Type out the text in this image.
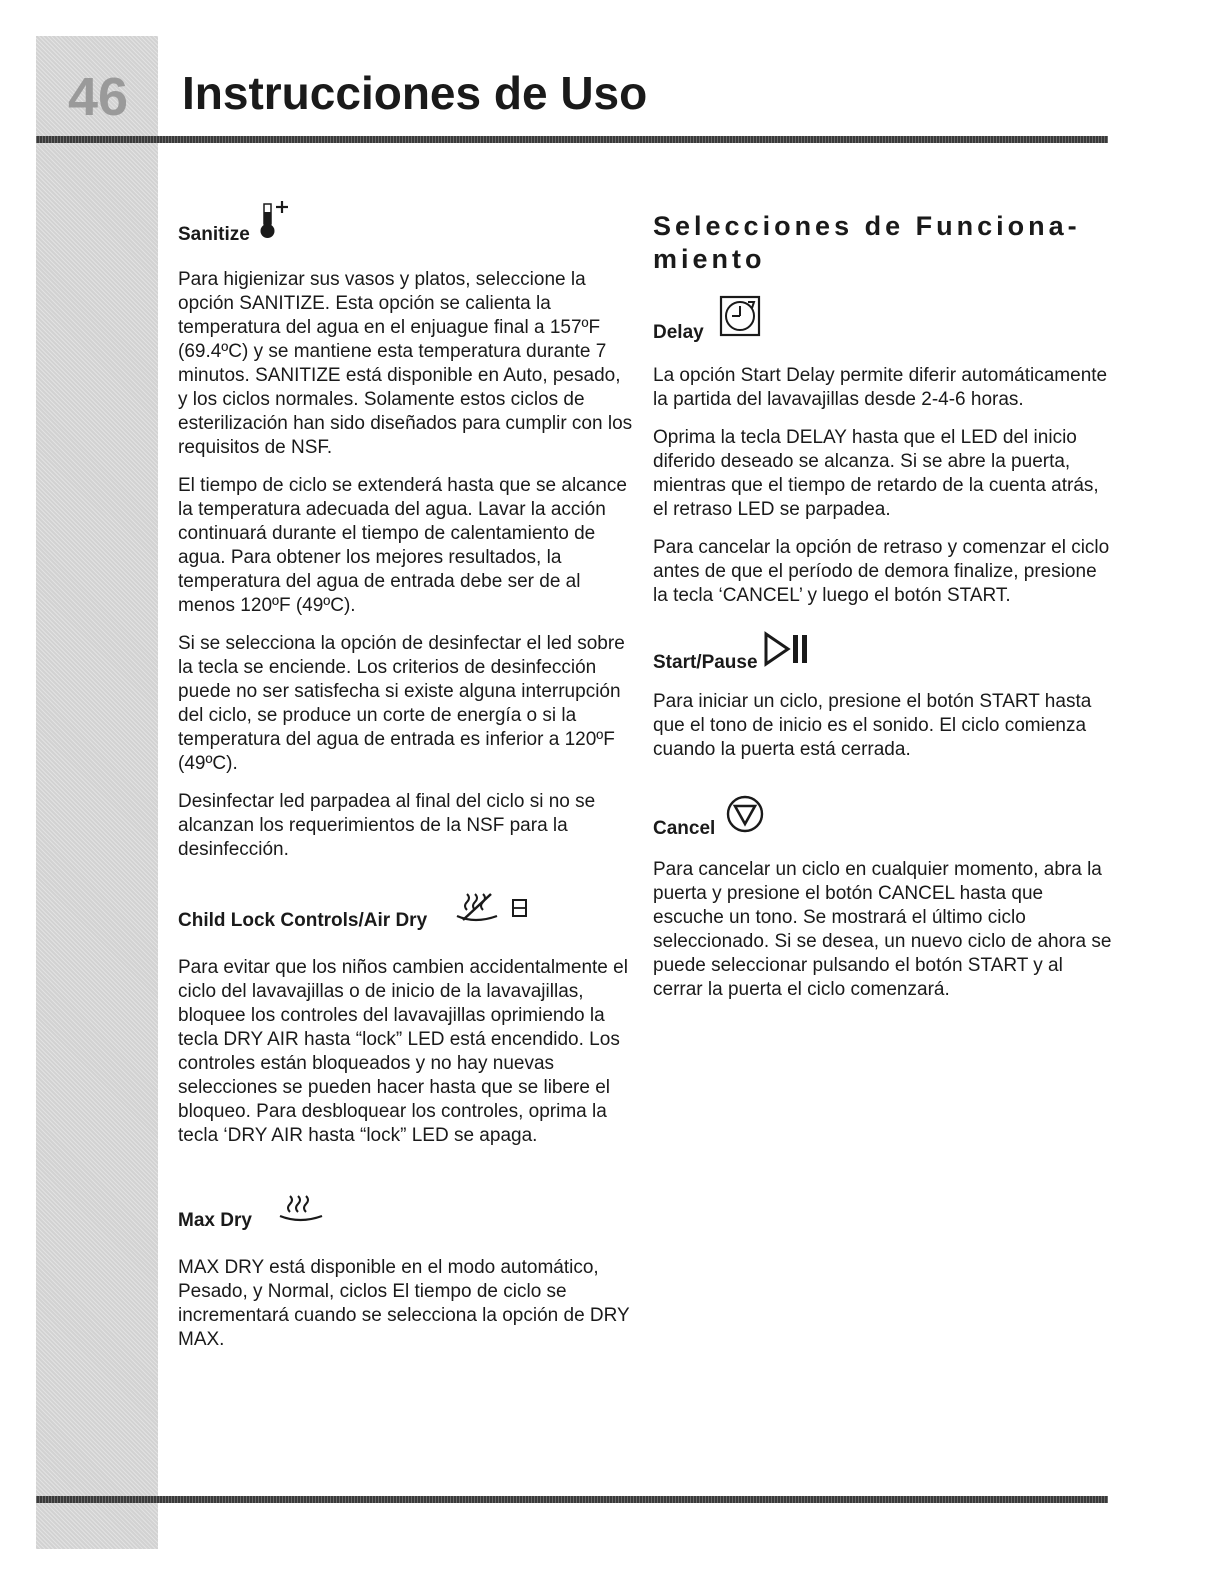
46	Instrucciones de Uso
Sanitize

Para higienizar sus vasos y platos, seleccione la opción SANITIZE. Esta opción se calienta la temperatura del agua en el enjuague final a 157ºF (69.4ºC) y se mantiene esta temperatura durante 7 minutos. SANITIZE está disponible en Auto, pesado, y los ciclos normales. Solamente estos ciclos de esterilización han sido diseñados para cumplir con los requisitos de NSF.

El tiempo de ciclo se extenderá hasta que se alcance la temperatura adecuada del agua. Lavar la acción continuará durante el tiempo de calentamiento de agua. Para obtener los mejores resultados, la temperatura del agua de entrada debe ser de al menos 120ºF (49ºC).

Si se selecciona la opción de desinfectar el led sobre la tecla se enciende. Los criterios de desinfección puede no ser satisfecha si existe alguna interrupción del ciclo, se produce un corte de energía o si la temperatura del agua de entrada es inferior a 120ºF (49ºC).

Desinfectar led parpadea al final del ciclo si no se alcanzan los requerimientos de la NSF para la desinfección.

Child Lock Controls/Air Dry

Para evitar que los niños cambien accidentalmente el ciclo del lavavajillas o de inicio de la lavavajillas, bloquee los controles del lavavajillas oprimiendo la tecla DRY AIR hasta “lock” LED está encendido. Los controles están bloqueados y no hay nuevas selecciones se pueden hacer hasta que se libere el bloqueo. Para desbloquear los controles, oprima la tecla ‘DRY AIR hasta “lock” LED se apaga.

Max Dry

MAX DRY está disponible en el modo automático, Pesado, y Normal, ciclos El tiempo de ciclo se incrementará cuando se selecciona la opción de DRY MAX.

Selecciones de Funciona-miento
Delay

La opción Start Delay permite diferir automáticamente la partida del lavavajillas desde 2-4-6 horas.

Oprima la tecla DELAY hasta que el LED del inicio diferido deseado se alcanza. Si se abre la puerta, mientras que el tiempo de retardo de la cuenta atrás, el retraso LED se parpadea.

Para cancelar la opción de retraso y comenzar el ciclo antes de que el período de demora finalize, presione la tecla ‘CANCEL’ y luego el botón START.

Start/Pause

Para iniciar un ciclo, presione el botón START hasta que el tono de inicio es el sonido. El ciclo comienza cuando la puerta está cerrada.

Cancel

Para cancelar un ciclo en cualquier momento, abra la puerta y presione el botón CANCEL hasta que escuche un tono. Se mostrará el último ciclo seleccionado. Si se desea, un nuevo ciclo de ahora se puede seleccionar pulsando el botón START y al cerrar la puerta el ciclo comenzará.
